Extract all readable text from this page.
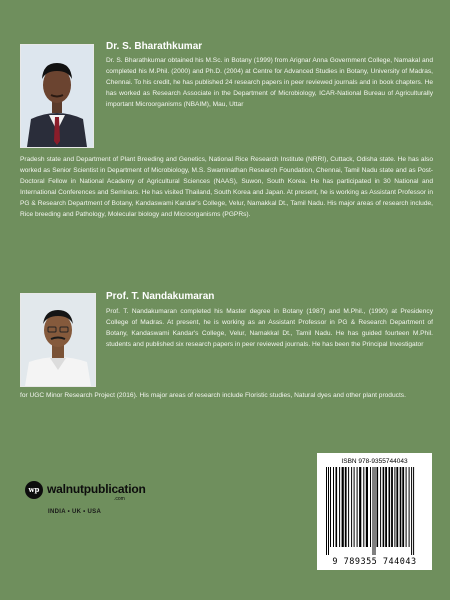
Dr. S. Bharathkumar
Dr. S. Bharathkumar obtained his M.Sc. in Botany (1999) from Arignar Anna Government College, Namakal and completed his M.Phil. (2000) and Ph.D. (2004) at Centre for Advanced Studies in Botany, University of Madras, Chennai. To his credit, he has published 24 research papers in peer reviewed journals and in book chapters. He has worked as Research Associate in the Department of Microbiology, ICAR-National Bureau of Agriculturally important Microorganisms (NBAIM), Mau, Uttar
Pradesh state and Department of Plant Breeding and Genetics, National Rice Research Institute (NRRI), Cuttack, Odisha state. He has also worked as Senior Scientist in Department of Microbiology, M.S. Swaminathan Research Foundation, Chennai, Tamil Nadu state and as Post-Doctoral Fellow in National Academy of Agricultural Sciences (NAAS), Suwon, South Korea. He has participated in 30 National and International Conferences and Seminars. He has visited Thailand, South Korea and Japan. At present, he is working as Assistant Professor in PG & Research Department of Botany, Kandaswami Kandar's College, Velur, Namakkal Dt., Tamil Nadu. His major areas of research include, Rice breeding and Pathology, Molecular biology and Microorganisms (PGPRs).
Prof. T. Nandakumaran
Prof. T. Nandakumaran completed his Master degree in Botany (1987) and M.Phil., (1990) at Presidency College of Madras. At present, he is working as an Assistant Professor in PG & Research Department of Botany, Kandaswami Kandar's College, Velur, Namakkal Dt., Tamil Nadu. He has guided fourteen M.Phil. students and published six research papers in peer reviewed journals. He has been the Principal Investigator
for UGC Minor Research Project (2016). His major areas of research include Floristic studies, Natural dyes and other plant products.
wp walnutpublication
.com
INDIA • UK • USA
ISBN 978-9355744043
9 789355 744043
